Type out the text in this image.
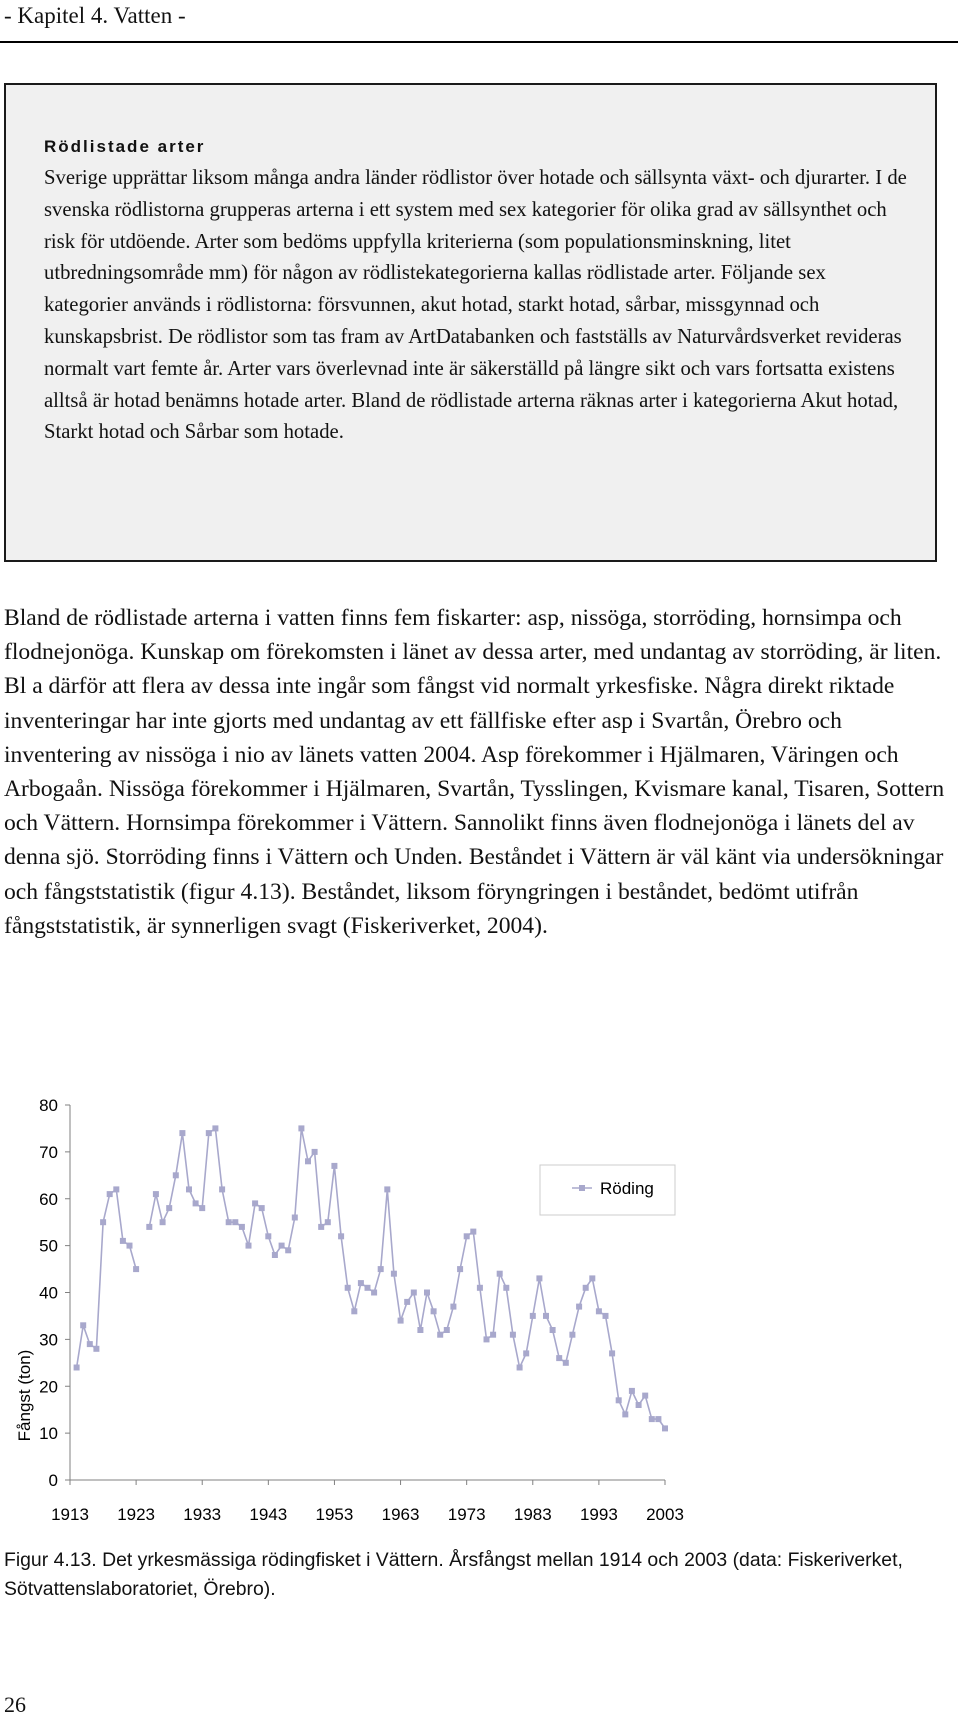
- Kapitel 4. Vatten -
Rödlistade arter

Sverige upprättar liksom många andra länder rödlistor över hotade och sällsynta växt- och djurarter. I de svenska rödlistorna grupperas arterna i ett system med sex kategorier för olika grad av sällsynthet och risk för utdöende. Arter som bedöms uppfylla kriterierna (som populationsminskning, litet utbredningsområde mm) för någon av rödlistekategorierna kallas rödlistade arter. Följande sex kategorier används i rödlistorna: försvunnen, akut hotad, starkt hotad, sårbar, missgynnad och kunskapsbrist. De rödlistor som tas fram av ArtDatabanken och fastställs av Naturvårdsverket revideras normalt vart femte år. Arter vars överlevnad inte är säkerställd på längre sikt och vars fortsatta existens alltså är hotad benämns hotade arter. Bland de rödlistade arterna räknas arter i kategorierna Akut hotad, Starkt hotad och Sårbar som hotade.

Bland de rödlistade arterna i vatten finns fem fiskarter: asp, nissöga, storröding, hornsimpa och flodnejonöga. Kunskap om förekomsten i länet av dessa arter, med undantag av storröding, är liten. Bl a därför att flera av dessa inte ingår som fångst vid normalt yrkesfiske. Några direkt riktade inventeringar har inte gjorts med undantag av ett fällfiske efter asp i Svartån, Örebro och inventering av nissöga i nio av länets vatten 2004. Asp förekommer i Hjälmaren, Väringen och Arbogaån. Nissöga förekommer i Hjälmaren, Svartån, Tysslingen, Kvismare kanal, Tisaren, Sottern och Vättern. Hornsimpa förekommer i Vättern. Sannolikt finns även flodnejonöga i länets del av denna sjö. Storröding finns i Vättern och Unden. Beståndet i Vättern är väl känt via undersökningar och fångststatistik (figur 4.13). Beståndet, liksom föryngringen i beståndet, bedömt utifrån fångststatistik, är synnerligen svagt (Fiskeriverket, 2004).

Fångst (ton)
0
10
20
30
40
50
60
70
80
1913 1923 1933 1943 1953 1963 1973 1983 1993 2003
Röding

Figur 4.13. Det yrkesmässiga rödingfisket i Vättern. Årsfångst mellan 1914 och 2003 (data: Fiskeriverket, Sötvattenslaboratoriet, Örebro).

26
